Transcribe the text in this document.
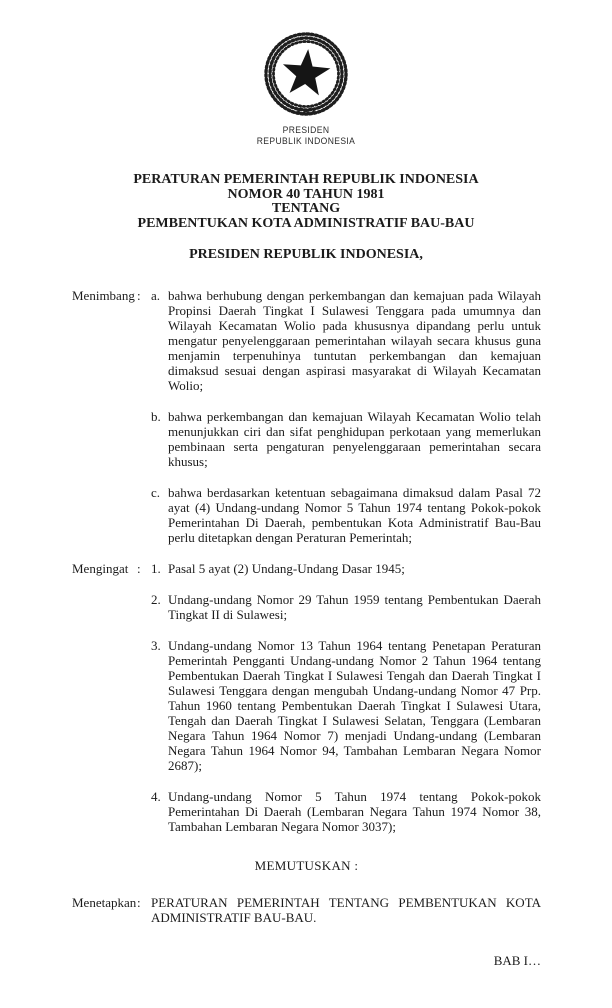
PRESIDEN
REPUBLIK INDONESIA
PERATURAN PEMERINTAH REPUBLIK INDONESIA
NOMOR 40 TAHUN 1981
TENTANG
PEMBENTUKAN KOTA ADMINISTRATIF BAU-BAU
PRESIDEN REPUBLIK INDONESIA,
Menimbang : a. bahwa berhubung dengan perkembangan dan kemajuan pada Wilayah Propinsi Daerah Tingkat I Sulawesi Tenggara pada umumnya dan Wilayah Kecamatan Wolio pada khususnya dipandang perlu untuk mengatur penyelenggaraan pemerintahan wilayah secara khusus guna menjamin terpenuhinya tuntutan perkembangan dan kemajuan dimaksud sesuai dengan aspirasi masyarakat di Wilayah Kecamatan Wolio;
b. bahwa perkembangan dan kemajuan Wilayah Kecamatan Wolio telah menunjukkan ciri dan sifat penghidupan perkotaan yang memerlukan pembinaan serta pengaturan penyelenggaraan pemerintahan secara khusus;
c. bahwa berdasarkan ketentuan sebagaimana dimaksud dalam Pasal 72 ayat (4) Undang-undang Nomor 5 Tahun 1974 tentang Pokok-pokok Pemerintahan Di Daerah, pembentukan Kota Administratif Bau-Bau perlu ditetapkan dengan Peraturan Pemerintah;
Mengingat : 1. Pasal 5 ayat (2) Undang-Undang Dasar 1945;
2. Undang-undang Nomor 29 Tahun 1959 tentang Pembentukan Daerah Tingkat II di Sulawesi;
3. Undang-undang Nomor 13 Tahun 1964 tentang Penetapan Peraturan Pemerintah Pengganti Undang-undang Nomor 2 Tahun 1964 tentang Pembentukan Daerah Tingkat I Sulawesi Tengah dan Daerah Tingkat I Sulawesi Tenggara dengan mengubah Undang-undang Nomor 47 Prp. Tahun 1960 tentang Pembentukan Daerah Tingkat I Sulawesi Utara, Tengah dan Daerah Tingkat I Sulawesi Selatan, Tenggara (Lembaran Negara Tahun 1964 Nomor 7) menjadi Undang-undang (Lembaran Negara Tahun 1964 Nomor 94, Tambahan Lembaran Negara Nomor 2687);
4. Undang-undang Nomor 5 Tahun 1974 tentang Pokok-pokok Pemerintahan Di Daerah (Lembaran Negara Tahun 1974 Nomor 38, Tambahan Lembaran Negara Nomor 3037);
MEMUTUSKAN :
Menetapkan : PERATURAN PEMERINTAH TENTANG PEMBENTUKAN KOTA ADMINISTRATIF BAU-BAU.
BAB I…
